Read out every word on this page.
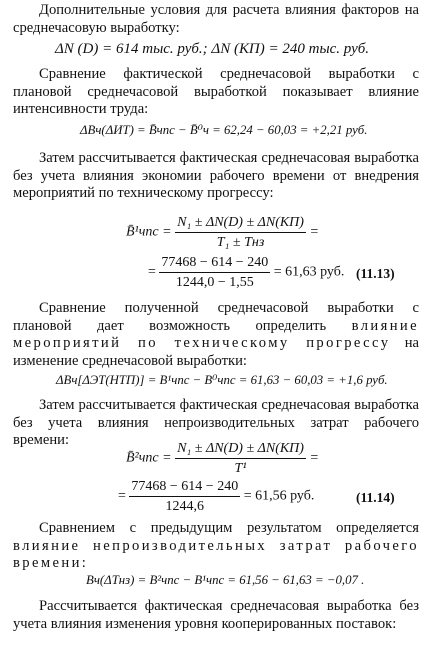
Дополнительные условия для расчета влияния факторов на среднечасовую выработку:
ΔN (D) = 614 тыс. руб.; ΔN (КП) = 240 тыс. руб.
Сравнение фактической среднечасовой выработки с плановой среднечасовой выработкой показывает влияние интенсивности труда:
ΔBч(ΔИТ) = B̄чпс − B̄⁰ч = 62,24 − 60,03 = +2,21 руб.
Затем рассчитывается фактическая среднечасовая выработка без учета влияния экономии рабочего времени от внедрения мероприятий по техническому прогрессу:
B̄¹чпс = $\frac{\text{N₁ ± ΔN(D) ± ΔN(КП)}}{\text{T₁ ± Tнз}}$ =
= $\frac{77468 - 614 - 240}{1244,0 - 1,55} = 61,63$ руб. (11.13)
Сравнение полученной среднечасовой выработки с плановой дает возможность определить влияние мероприятий по техническому прогрессу на изменение среднечасовой выработки:
ΔBч[ΔЭТ(НТП)] = B¹чпс − B⁰чпс = 61,63 − 60,03 = +1,6 руб.
Затем рассчитывается фактическая среднечасовая выработка без учета влияния непроизводительных затрат рабочего времени:
B̄²чпс = $\frac{\text{N₁ ± ΔN(D) ± ΔN(КП)}}{\text{T¹}}$ =
= $\frac{77468 - 614 - 240}{1244,6} = 61,56$ руб.	(11.14)
Сравнением с предыдущим результатом определяется влияние непроизводительных затрат рабочего времени:
Bч(ΔTнз) = B²чпс − B¹чпс = 61,56 − 61,63 = −0,07 .
Рассчитывается фактическая среднечасовая выработка без учета влияния изменения уровня кооперированных поставок:
